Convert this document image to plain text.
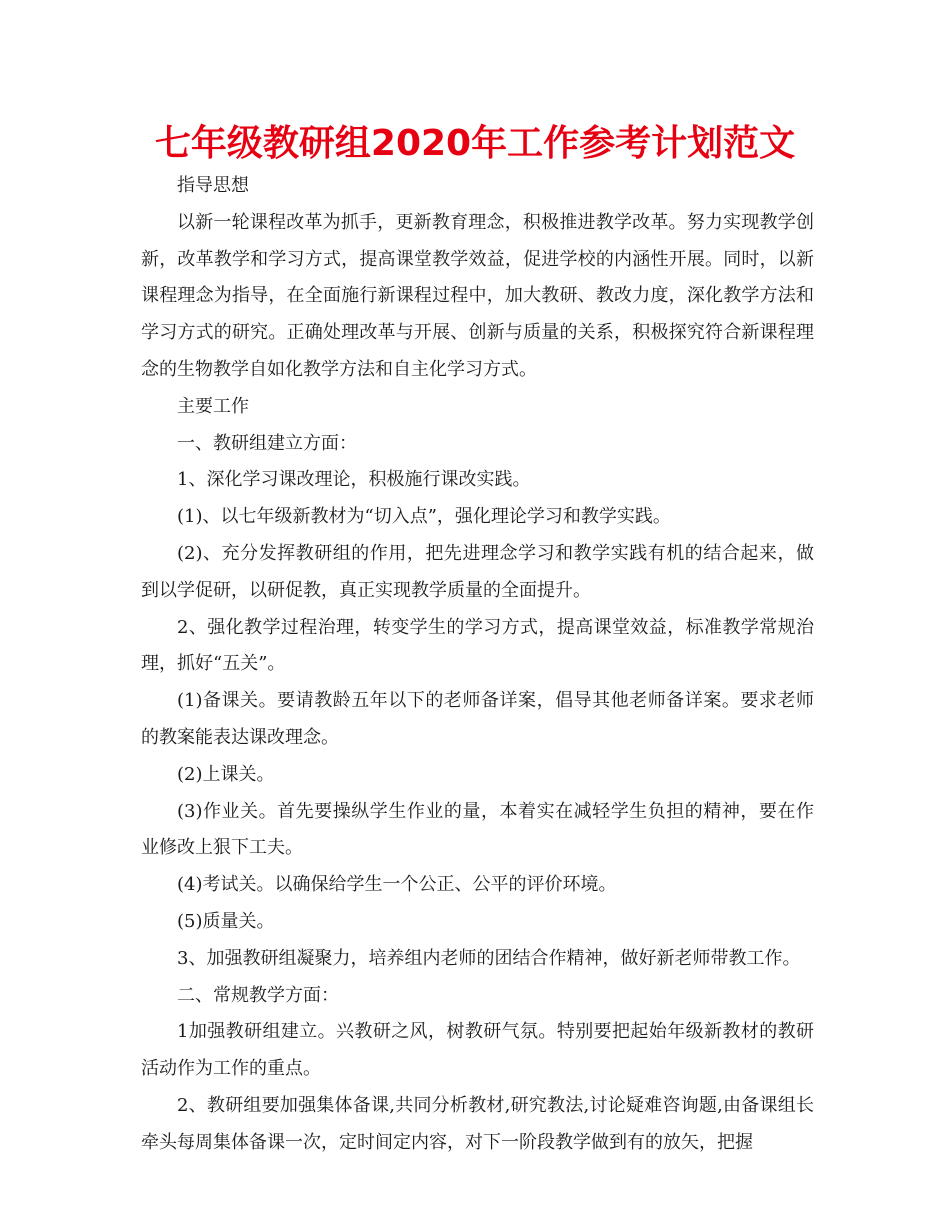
七年级教研组2020年工作参考计划范文

指导思想

以新一轮课程改革为抓手，更新教育理念，积极推进教学改革。努力实现教学创新，改革教学和学习方式，提高课堂教学效益，促进学校的内涵性开展。同时，以新课程理念为指导，在全面施行新课程过程中，加大教研、教改力度，深化教学方法和学习方式的研究。正确处理改革与开展、创新与质量的关系，积极探究符合新课程理念的生物教学自如化教学方法和自主化学习方式。

主要工作

一、教研组建立方面：

1、深化学习课改理论，积极施行课改实践。

(1)、以七年级新教材为“切入点”，强化理论学习和教学实践。

(2)、充分发挥教研组的作用，把先进理念学习和教学实践有机的结合起来，做到以学促研，以研促教，真正实现教学质量的全面提升。

2、强化教学过程治理，转变学生的学习方式，提高课堂效益，标准教学常规治理，抓好“五关”。

(1)备课关。要请教龄五年以下的老师备详案，倡导其他老师备详案。要求老师的教案能表达课改理念。

(2)上课关。

(3)作业关。首先要操纵学生作业的量，本着实在减轻学生负担的精神，要在作业修改上狠下工夫。

(4)考试关。以确保给学生一个公正、公平的评价环境。

(5)质量关。

3、加强教研组凝聚力，培养组内老师的团结合作精神，做好新老师带教工作。

二、常规教学方面：

1加强教研组建立。兴教研之风，树教研气氛。特别要把起始年级新教材的教研活动作为工作的重点。

2、教研组要加强集体备课,共同分析教材,研究教法,讨论疑难咨询题,由备课组长牵头每周集体备课一次，定时间定内容，对下一阶段教学做到有的放矢，把握
